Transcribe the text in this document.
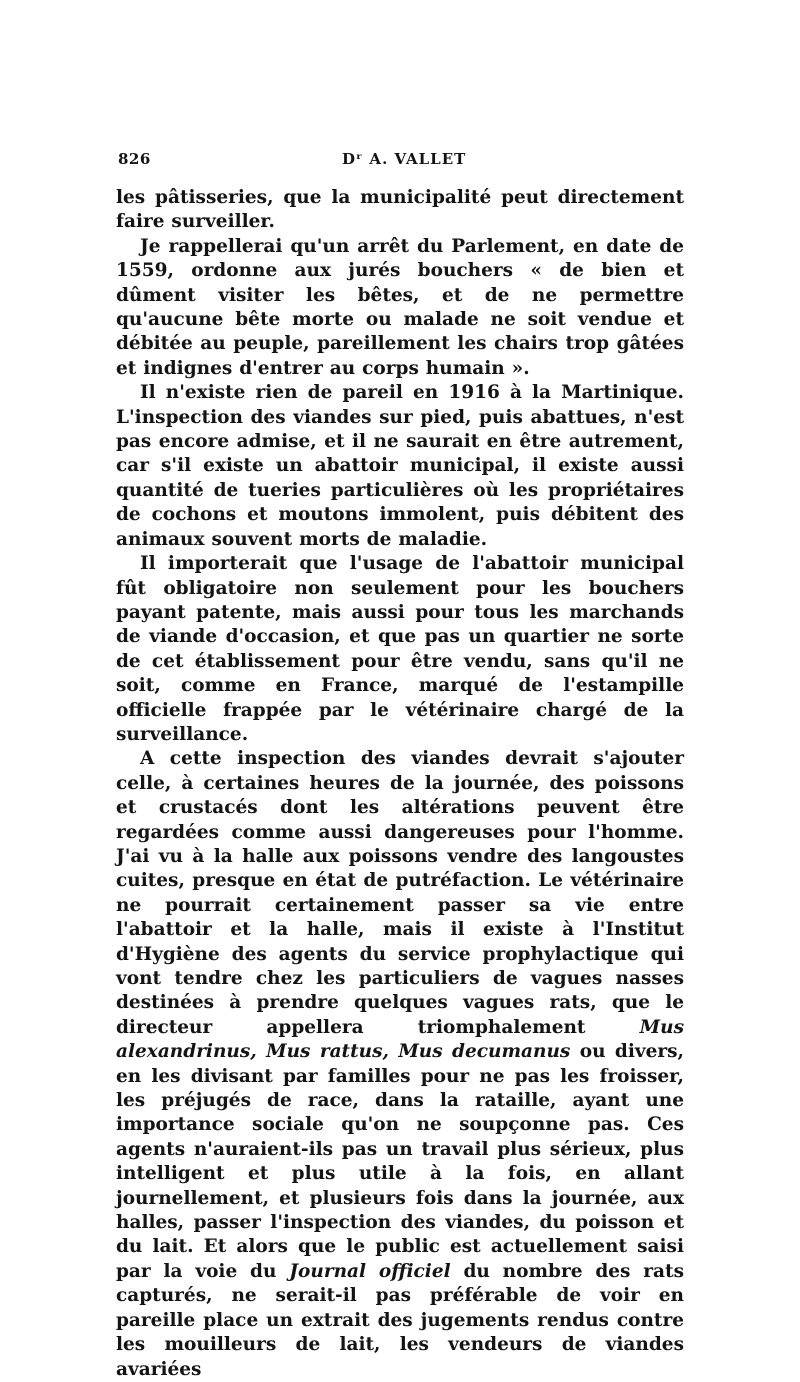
826	Dʳ A. VALLET

les pâtisseries, que la municipalité peut directement faire surveiller.

Je rappellerai qu'un arrêt du Parlement, en date de 1559, ordonne aux jurés bouchers « de bien et dûment visiter les bêtes, et de ne permettre qu'aucune bête morte ou malade ne soit vendue et débitée au peuple, pareillement les chairs trop gâtées et indignes d'entrer au corps humain ».

Il n'existe rien de pareil en 1916 à la Martinique. L'inspection des viandes sur pied, puis abattues, n'est pas encore admise, et il ne saurait en être autrement, car s'il existe un abattoir municipal, il existe aussi quantité de tueries particulières où les propriétaires de cochons et moutons immolent, puis débitent des animaux souvent morts de maladie.

Il importerait que l'usage de l'abattoir municipal fût obligatoire non seulement pour les bouchers payant patente, mais aussi pour tous les marchands de viande d'occasion, et que pas un quartier ne sorte de cet établissement pour être vendu, sans qu'il ne soit, comme en France, marqué de l'estampille officielle frappée par le vétérinaire chargé de la surveillance.

A cette inspection des viandes devrait s'ajouter celle, à certaines heures de la journée, des poissons et crustacés dont les altérations peuvent être regardées comme aussi dangereuses pour l'homme. J'ai vu à la halle aux poissons vendre des langoustes cuites, presque en état de putréfaction. Le vétérinaire ne pourrait certainement passer sa vie entre l'abattoir et la halle, mais il existe à l'Institut d'Hygiène des agents du service prophylactique qui vont tendre chez les particuliers de vagues nasses destinées à prendre quelques vagues rats, que le directeur appellera triomphalement	Mus alexandrinus, Mus rattus, Mus decumanus ou divers, en les divisant par familles pour ne pas les froisser, les préjugés de race, dans la rataille, ayant une importance sociale qu'on ne soupçonne pas. Ces agents n'auraient-ils pas un travail plus sérieux, plus intelligent et plus utile à la fois, en allant journellement, et plusieurs fois dans la journée, aux halles, passer l'inspection des viandes, du poisson et du lait. Et alors que le public est actuellement saisi par la voie du Journal officiel du nombre des rats capturés, ne serait-il pas préférable de voir en pareille place un extrait des jugements rendus contre les mouilleurs de lait, les vendeurs de viandes avariées
